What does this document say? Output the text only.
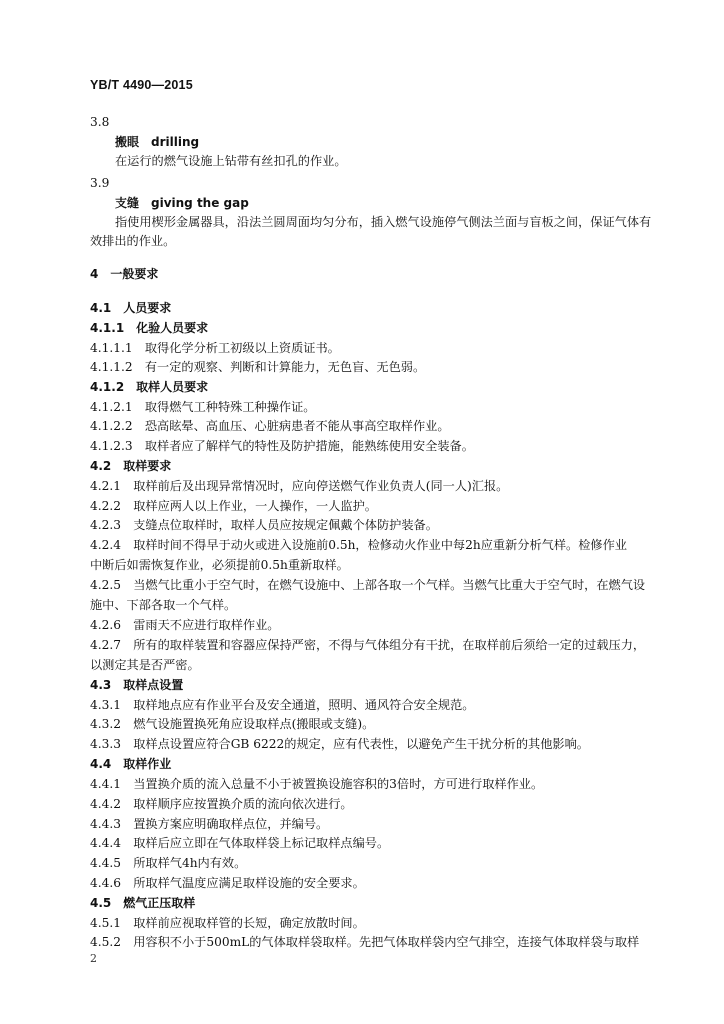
YB/T 4490—2015
3.8
搬眼　drilling
在运行的燃气设施上钻带有丝扣孔的作业。
3.9
支缝　giving the gap
指使用楔形金属器具，沿法兰圆周面均匀分布，插入燃气设施停气侧法兰面与盲板之间，保证气体有
效排出的作业。
4　一般要求
4.1　人员要求
4.1.1　化验人员要求
4.1.1.1　取得化学分析工初级以上资质证书。
4.1.1.2　有一定的观察、判断和计算能力，无色盲、无色弱。
4.1.2　取样人员要求
4.1.2.1　取得燃气工种特殊工种操作证。
4.1.2.2　恐高眩晕、高血压、心脏病患者不能从事高空取样作业。
4.1.2.3　取样者应了解样气的特性及防护措施，能熟练使用安全装备。
4.2　取样要求
4.2.1　取样前后及出现异常情况时，应向停送燃气作业负责人(同一人)汇报。
4.2.2　取样应两人以上作业，一人操作，一人监护。
4.2.3　支缝点位取样时，取样人员应按规定佩戴个体防护装备。
4.2.4　取样时间不得早于动火或进入设施前0.5h，检修动火作业中每2h应重新分析气样。检修作业
中断后如需恢复作业，必须提前0.5h重新取样。
4.2.5　当燃气比重小于空气时，在燃气设施中、上部各取一个气样。当燃气比重大于空气时，在燃气设
施中、下部各取一个气样。
4.2.6　雷雨天不应进行取样作业。
4.2.7　所有的取样装置和容器应保持严密，不得与气体组分有干扰，在取样前后须给一定的过载压力，
以测定其是否严密。
4.3　取样点设置
4.3.1　取样地点应有作业平台及安全通道，照明、通风符合安全规范。
4.3.2　燃气设施置换死角应设取样点(搬眼或支缝)。
4.3.3　取样点设置应符合GB 6222的规定，应有代表性，以避免产生干扰分析的其他影响。
4.4　取样作业
4.4.1　当置换介质的流入总量不小于被置换设施容积的3倍时，方可进行取样作业。
4.4.2　取样顺序应按置换介质的流向依次进行。
4.4.3　置换方案应明确取样点位，并编号。
4.4.4　取样后应立即在气体取样袋上标记取样点编号。
4.4.5　所取样气4h内有效。
4.4.6　所取样气温度应满足取样设施的安全要求。
4.5　燃气正压取样
4.5.1　取样前应视取样管的长短，确定放散时间。
4.5.2　用容积不小于500mL的气体取样袋取样。先把气体取样袋内空气排空，连接气体取样袋与取样
2
